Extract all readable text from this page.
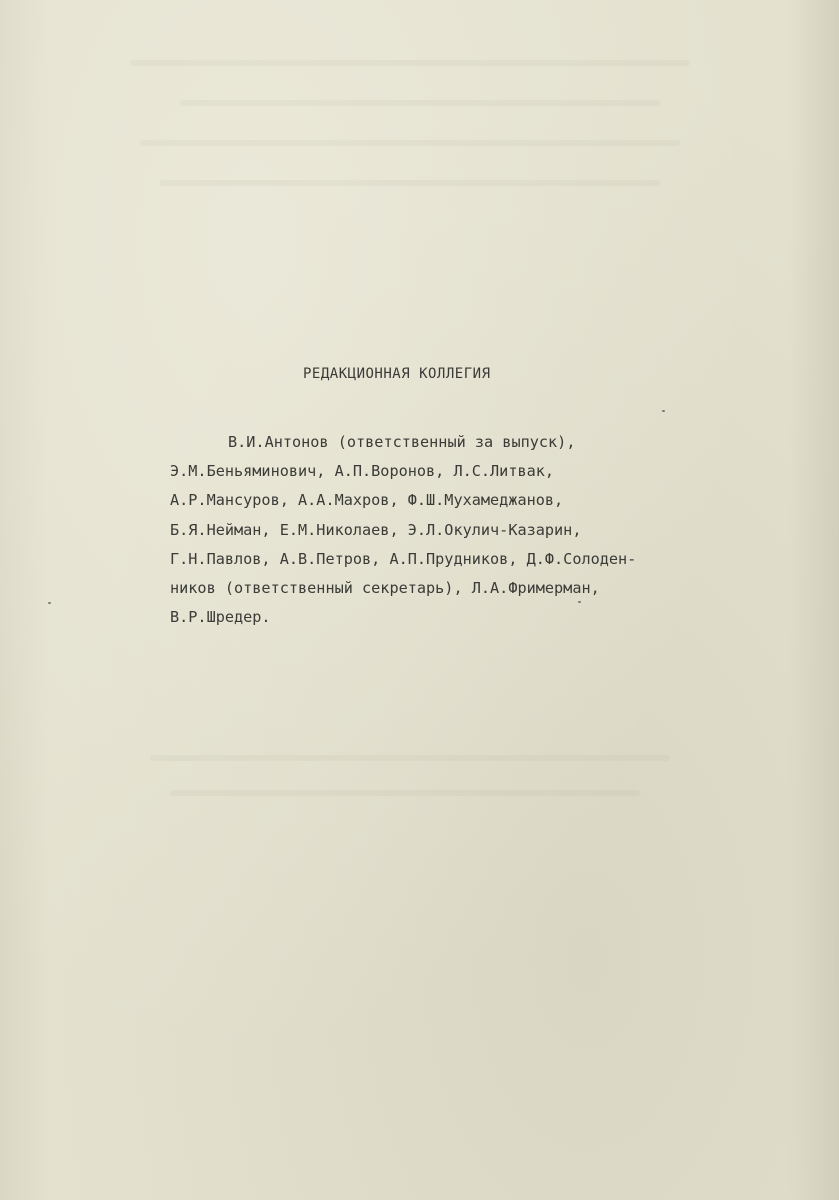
РЕДАКЦИОННАЯ КОЛЛЕГИЯ
В.И.Антонов (ответственный за выпуск),
Э.М.Беньяминович, А.П.Воронов, Л.С.Литвак,
А.Р.Мансуров, А.А.Махров, Ф.Ш.Мухамеджанов,
Б.Я.Нейман, Е.М.Николаев, Э.Л.Окулич-Казарин,
Г.Н.Павлов, А.В.Петров, А.П.Прудников, Д.Ф.Солоден-
ников (ответственный секретарь), Л.А.Фримерман,
В.Р.Шредер.
